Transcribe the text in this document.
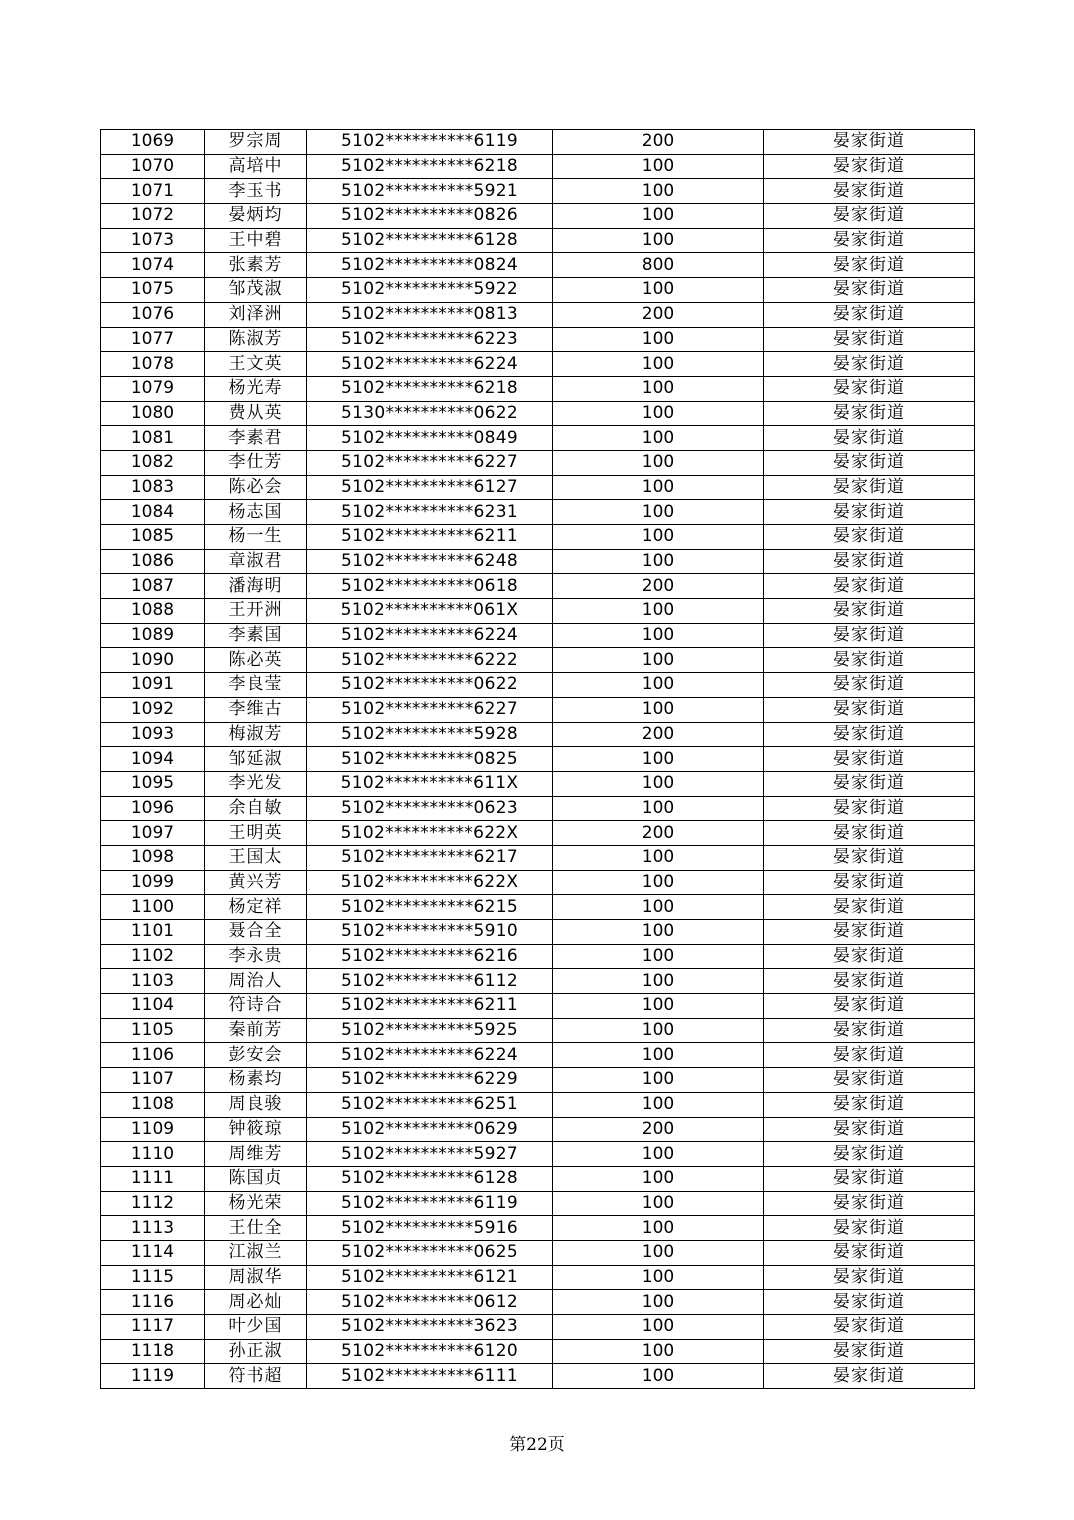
1069	罗宗周	5102**********6119	200	晏家街道
1070	高培中	5102**********6218	100	晏家街道
1071	李玉书	5102**********5921	100	晏家街道
1072	晏炳均	5102**********0826	100	晏家街道
1073	王中碧	5102**********6128	100	晏家街道
1074	张素芳	5102**********0824	800	晏家街道
1075	邹茂淑	5102**********5922	100	晏家街道
1076	刘泽洲	5102**********0813	200	晏家街道
1077	陈淑芳	5102**********6223	100	晏家街道
1078	王文英	5102**********6224	100	晏家街道
1079	杨光寿	5102**********6218	100	晏家街道
1080	费从英	5130**********0622	100	晏家街道
1081	李素君	5102**********0849	100	晏家街道
1082	李仕芳	5102**********6227	100	晏家街道
1083	陈必会	5102**********6127	100	晏家街道
1084	杨志国	5102**********6231	100	晏家街道
1085	杨一生	5102**********6211	100	晏家街道
1086	章淑君	5102**********6248	100	晏家街道
1087	潘海明	5102**********0618	200	晏家街道
1088	王开洲	5102**********061X	100	晏家街道
1089	李素国	5102**********6224	100	晏家街道
1090	陈必英	5102**********6222	100	晏家街道
1091	李良莹	5102**********0622	100	晏家街道
1092	李维古	5102**********6227	100	晏家街道
1093	梅淑芳	5102**********5928	200	晏家街道
1094	邹延淑	5102**********0825	100	晏家街道
1095	李光发	5102**********611X	100	晏家街道
1096	余自敏	5102**********0623	100	晏家街道
1097	王明英	5102**********622X	200	晏家街道
1098	王国太	5102**********6217	100	晏家街道
1099	黄兴芳	5102**********622X	100	晏家街道
1100	杨定祥	5102**********6215	100	晏家街道
1101	聂合全	5102**********5910	100	晏家街道
1102	李永贵	5102**********6216	100	晏家街道
1103	周治人	5102**********6112	100	晏家街道
1104	符诗合	5102**********6211	100	晏家街道
1105	秦前芳	5102**********5925	100	晏家街道
1106	彭安会	5102**********6224	100	晏家街道
1107	杨素均	5102**********6229	100	晏家街道
1108	周良骏	5102**********6251	100	晏家街道
1109	钟筱琼	5102**********0629	200	晏家街道
1110	周维芳	5102**********5927	100	晏家街道
1111	陈国贞	5102**********6128	100	晏家街道
1112	杨光荣	5102**********6119	100	晏家街道
1113	王仕全	5102**********5916	100	晏家街道
1114	江淑兰	5102**********0625	100	晏家街道
1115	周淑华	5102**********6121	100	晏家街道
1116	周必灿	5102**********0612	100	晏家街道
1117	叶少国	5102**********3623	100	晏家街道
1118	孙正淑	5102**********6120	100	晏家街道
1119	符书超	5102**********6111	100	晏家街道
第22页
